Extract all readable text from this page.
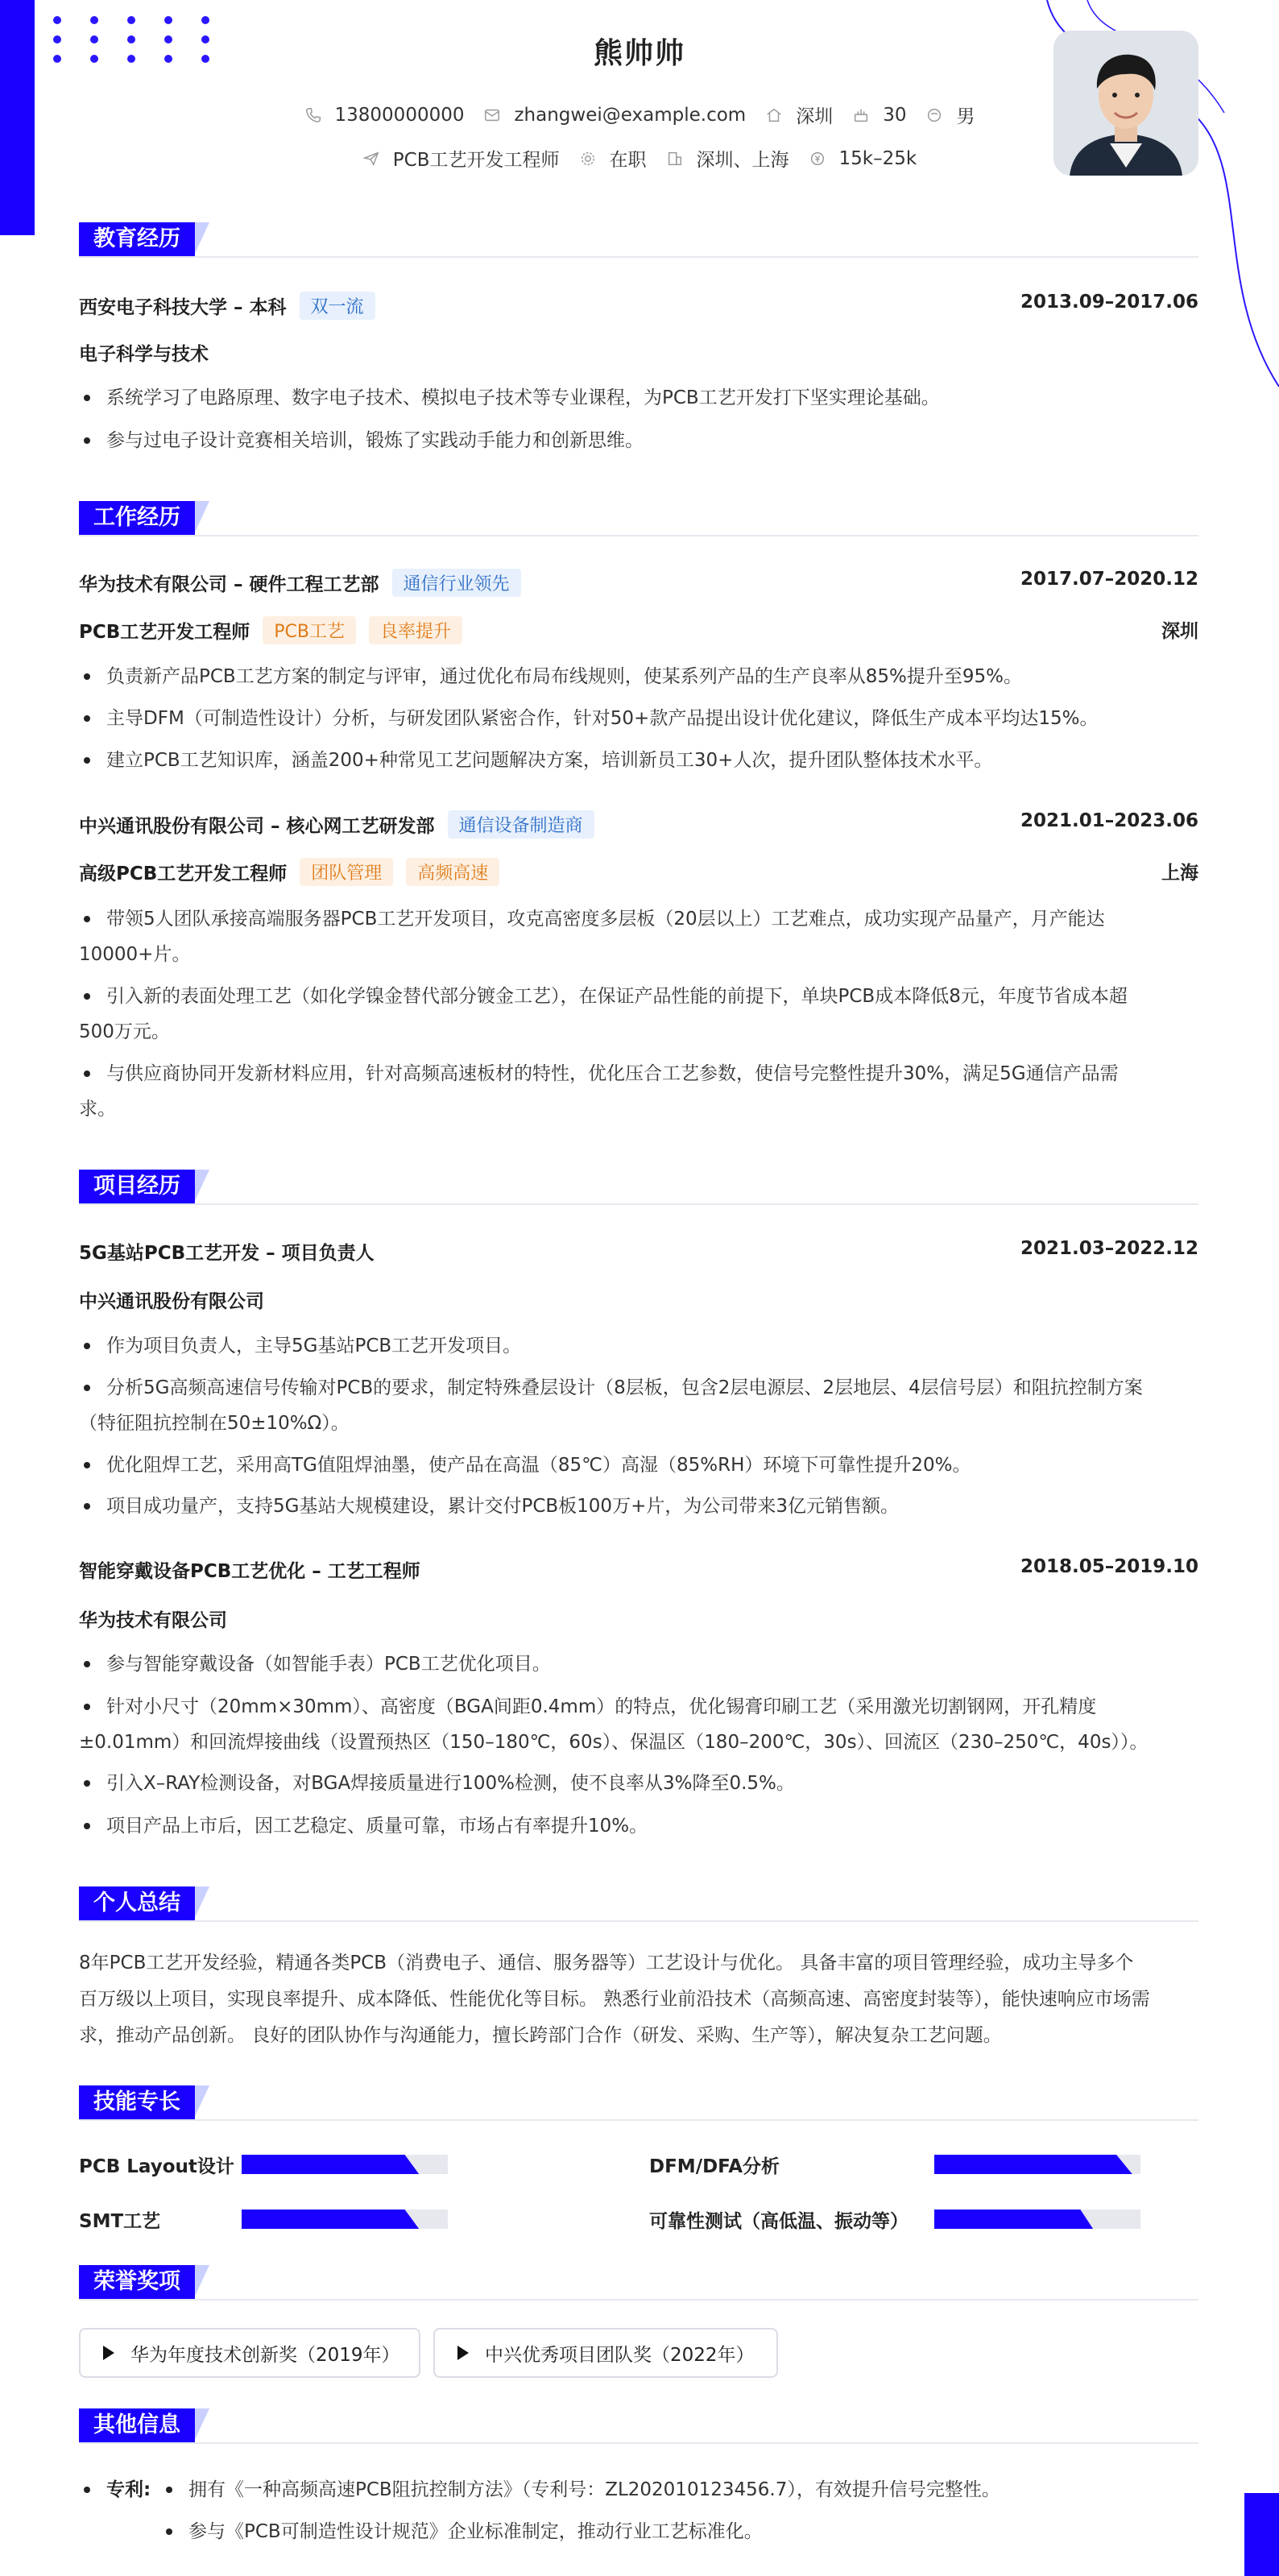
熊帅帅
13800000000	zhangwei@example.com	深圳	30	男
PCB工艺开发工程师	在职	深圳、上海	15k–25k
教育经历
西安电子科技大学 – 本科	双一流	2013.09–2017.06
电子科学与技术
系统学习了电路原理、数字电子技术、模拟电子技术等专业课程，为PCB工艺开发打下坚实理论基础。
参与过电子设计竞赛相关培训，锻炼了实践动手能力和创新思维。
工作经历
华为技术有限公司 – 硬件工程工艺部	通信行业领先	2017.07–2020.12
PCB工艺开发工程师	PCB工艺	良率提升	深圳
负责新产品PCB工艺方案的制定与评审，通过优化布局布线规则，使某系列产品的生产良率从85%提升至95%。
主导DFM（可制造性设计）分析，与研发团队紧密合作，针对50+款产品提出设计优化建议，降低生产成本平均达15%。
建立PCB工艺知识库，涵盖200+种常见工艺问题解决方案，培训新员工30+人次，提升团队整体技术水平。
中兴通讯股份有限公司 – 核心网工艺研发部	通信设备制造商	2021.01–2023.06
高级PCB工艺开发工程师	团队管理	高频高速	上海
带领5人团队承接高端服务器PCB工艺开发项目，攻克高密度多层板（20层以上）工艺难点，成功实现产品量产，月产能达
10000+片。
引入新的表面处理工艺（如化学镍金替代部分镀金工艺），在保证产品性能的前提下，单块PCB成本降低8元，年度节省成本超
500万元。
与供应商协同开发新材料应用，针对高频高速板材的特性，优化压合工艺参数，使信号完整性提升30%，满足5G通信产品需
求。
项目经历
5G基站PCB工艺开发 – 项目负责人	2021.03–2022.12
中兴通讯股份有限公司
作为项目负责人，主导5G基站PCB工艺开发项目。
分析5G高频高速信号传输对PCB的要求，制定特殊叠层设计（8层板，包含2层电源层、2层地层、4层信号层）和阻抗控制方案
（特征阻抗控制在50±10%Ω）。
优化阻焊工艺，采用高TG值阻焊油墨，使产品在高温（85℃）高湿（85%RH）环境下可靠性提升20%。
项目成功量产，支持5G基站大规模建设，累计交付PCB板100万+片，为公司带来3亿元销售额。
智能穿戴设备PCB工艺优化 – 工艺工程师	2018.05–2019.10
华为技术有限公司
参与智能穿戴设备（如智能手表）PCB工艺优化项目。
针对小尺寸（20mm×30mm）、高密度（BGA间距0.4mm）的特点，优化锡膏印刷工艺（采用激光切割钢网，开孔精度
±0.01mm）和回流焊接曲线（设置预热区（150–180℃，60s）、保温区（180–200℃，30s）、回流区（230–250℃，40s））。
引入X–RAY检测设备，对BGA焊接质量进行100%检测，使不良率从3%降至0.5%。
项目产品上市后，因工艺稳定、质量可靠，市场占有率提升10%。
个人总结
8年PCB工艺开发经验，精通各类PCB（消费电子、通信、服务器等）工艺设计与优化。 具备丰富的项目管理经验，成功主导多个
百万级以上项目，实现良率提升、成本降低、性能优化等目标。 熟悉行业前沿技术（高频高速、高密度封装等），能快速响应市场需
求，推动产品创新。 良好的团队协作与沟通能力，擅长跨部门合作（研发、采购、生产等），解决复杂工艺问题。
技能专长
PCB Layout设计	DFM/DFA分析
SMT工艺	可靠性测试（高低温、振动等）
荣誉奖项
华为年度技术创新奖（2019年）	中兴优秀项目团队奖（2022年）
其他信息
专利:	拥有《一种高频高速PCB阻抗控制方法》（专利号：ZL202010123456.7），有效提升信号完整性。
参与《PCB可制造性设计规范》企业标准制定，推动行业工艺标准化。
